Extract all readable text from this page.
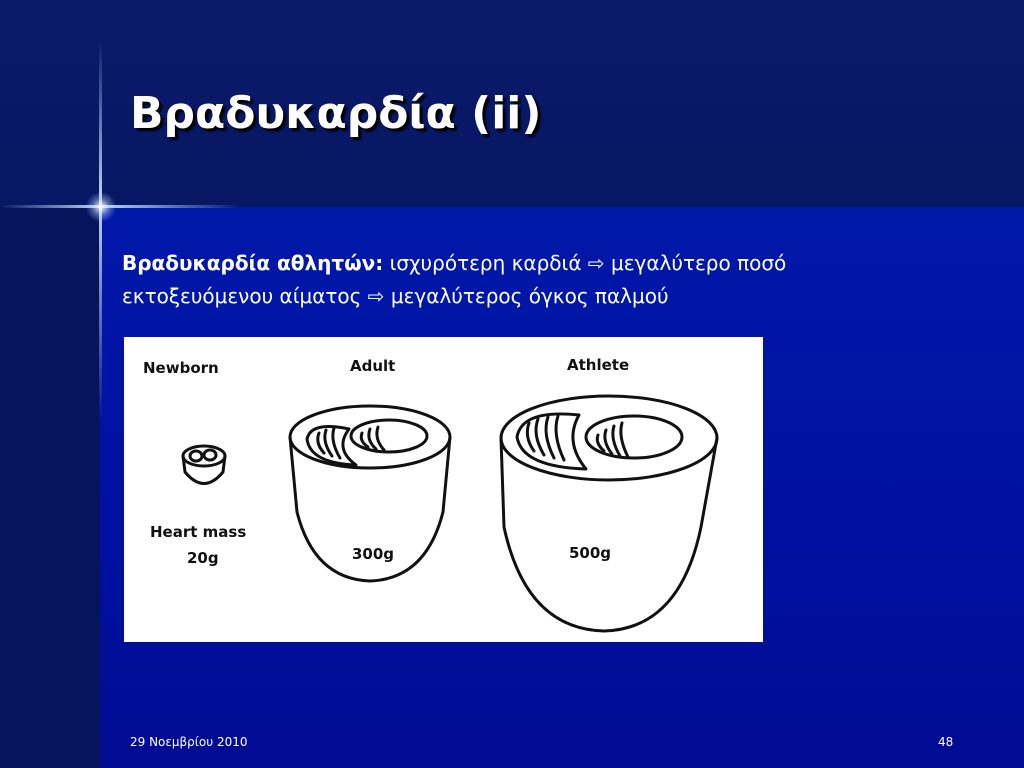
Βραδυκαρδία (ii)
Βραδυκαρδία αθλητών: ισχυρότερη καρδιά ⇨ μεγαλύτερο ποσό
εκτοξευόμενου αίματος ⇨ μεγαλύτερος όγκος παλμού
Newborn	Adult	Athlete
Heart mass
20g	300g	500g
29 Νοεμβρίου 2010	48
